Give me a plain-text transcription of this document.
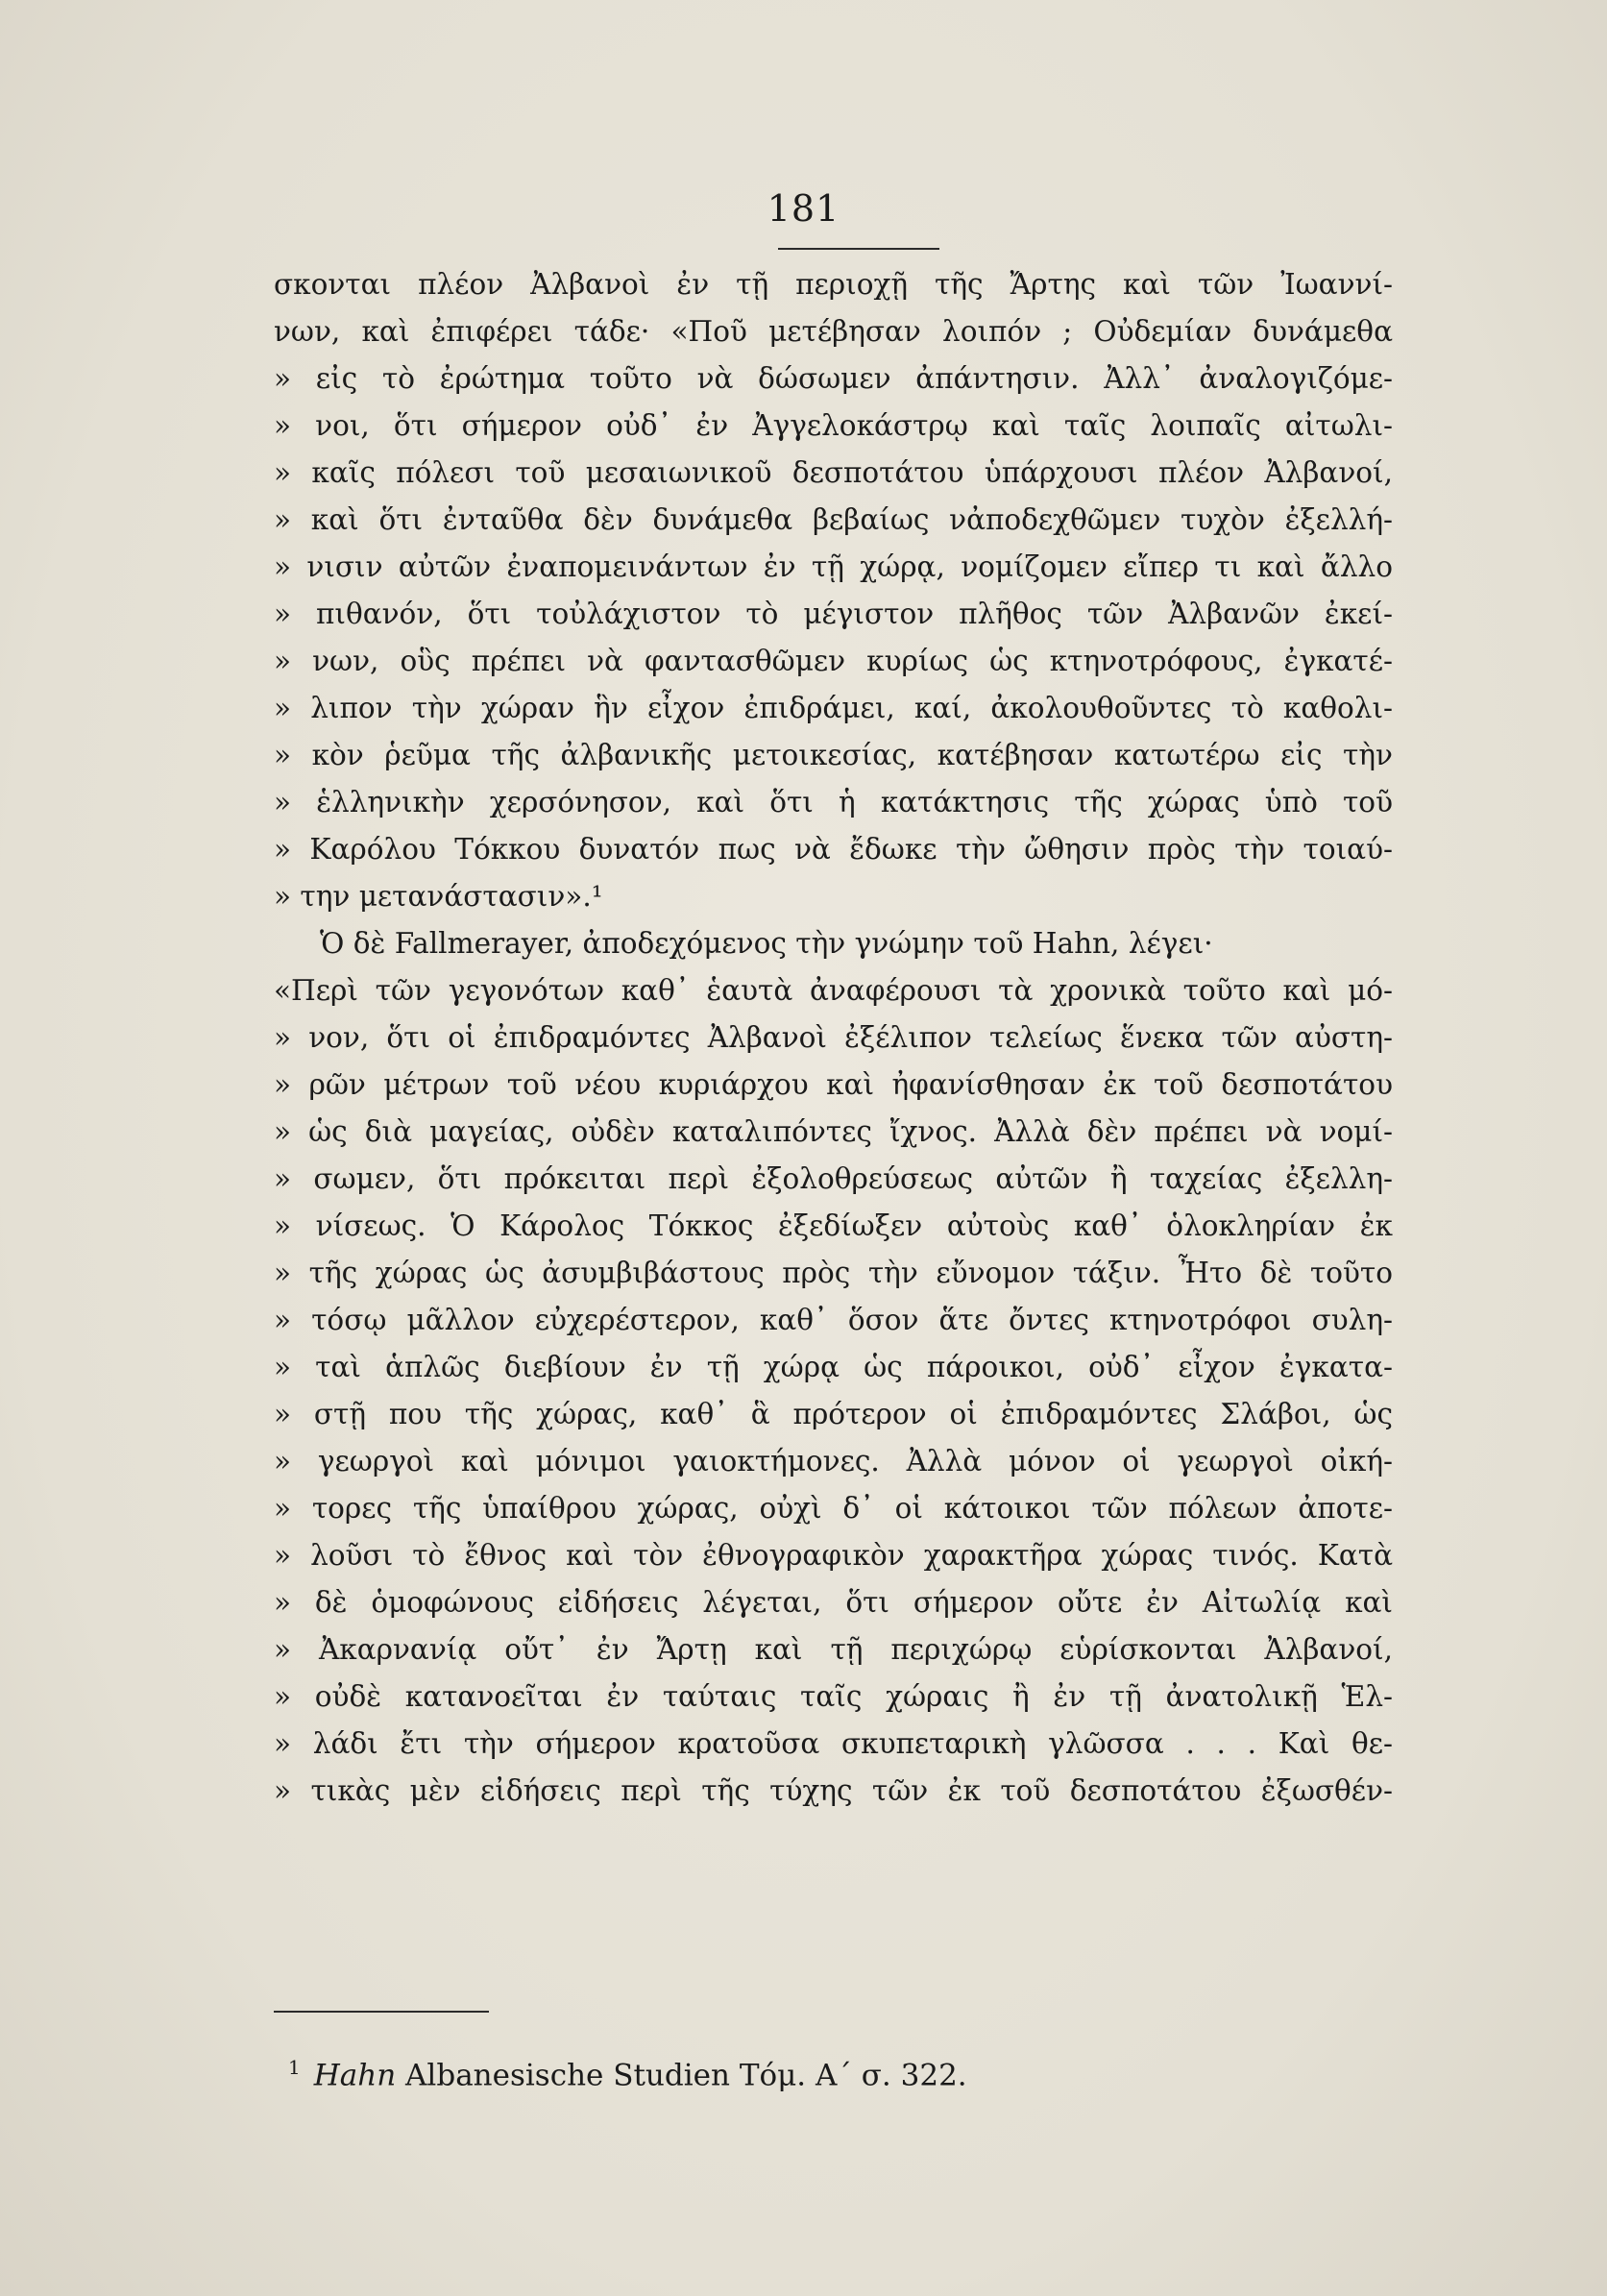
181
σκονται πλέον Ἀλβανοὶ ἐν τῇ περιοχῇ τῆς Ἄρτης καὶ τῶν Ἰωαννί-
νων, καὶ ἐπιφέρει τάδε· «Ποῦ μετέβησαν λοιπόν ; Οὐδεμίαν δυνάμεθα
» εἰς τὸ ἐρώτημα τοῦτο νὰ δώσωμεν ἀπάντησιν. Ἀλλ᾽ ἀναλογιζόμε-
» νοι, ὅτι σήμερον οὐδ᾽ ἐν Ἀγγελοκάστρῳ καὶ ταῖς λοιπαῖς αἰτωλι-
» καῖς πόλεσι τοῦ μεσαιωνικοῦ δεσποτάτου ὑπάρχουσι πλέον Ἀλβανοί,
» καὶ ὅτι ἐνταῦθα δὲν δυνάμεθα βεβαίως νἀποδεχθῶμεν τυχὸν ἐξελλή-
» νισιν αὐτῶν ἐναπομεινάντων ἐν τῇ χώρᾳ, νομίζομεν εἴπερ τι καὶ ἄλλο
» πιθανόν, ὅτι τοὐλάχιστον τὸ μέγιστον πλῆθος τῶν Ἀλβανῶν ἐκεί-
» νων, οὓς πρέπει νὰ φαντασθῶμεν κυρίως ὡς κτηνοτρόφους, ἐγκατέ-
» λιπον τὴν χώραν ἣν εἶχον ἐπιδράμει, καί, ἀκολουθοῦντες τὸ καθολι-
» κὸν ῥεῦμα τῆς ἀλβανικῆς μετοικεσίας, κατέβησαν κατωτέρω εἰς τὴν
» ἑλληνικὴν χερσόνησον, καὶ ὅτι ἡ κατάκτησις τῆς χώρας ὑπὸ τοῦ
» Καρόλου Τόκκου δυνατόν πως νὰ ἔδωκε τὴν ὤθησιν πρὸς τὴν τοιαύ-
» την μετανάστασιν».¹
Ὁ δὲ Fallmerayer, ἀποδεχόμενος τὴν γνώμην τοῦ Hahn, λέγει·
«Περὶ τῶν γεγονότων καθ᾽ ἑαυτὰ ἀναφέρουσι τὰ χρονικὰ τοῦτο καὶ μό-
» νον, ὅτι οἱ ἐπιδραμόντες Ἀλβανοὶ ἐξέλιπον τελείως ἕνεκα τῶν αὐστη-
» ρῶν μέτρων τοῦ νέου κυριάρχου καὶ ἠφανίσθησαν ἐκ τοῦ δεσποτάτου
» ὡς διὰ μαγείας, οὐδὲν καταλιπόντες ἴχνος. Ἀλλὰ δὲν πρέπει νὰ νομί-
» σωμεν, ὅτι πρόκειται περὶ ἐξολοθρεύσεως αὐτῶν ἢ ταχείας ἐξελλη-
» νίσεως. Ὁ Κάρολος Τόκκος ἐξεδίωξεν αὐτοὺς καθ᾽ ὁλοκληρίαν ἐκ
» τῆς χώρας ὡς ἀσυμβιβάστους πρὸς τὴν εὔνομον τάξιν. Ἦτο δὲ τοῦτο
» τόσῳ μᾶλλον εὐχερέστερον, καθ᾽ ὅσον ἅτε ὄντες κτηνοτρόφοι συλη-
» ταὶ ἁπλῶς διεβίουν ἐν τῇ χώρᾳ ὡς πάροικοι, οὐδ᾽ εἶχον ἐγκατα-
» στῇ που τῆς χώρας, καθ᾽ ἃ πρότερον οἱ ἐπιδραμόντες Σλάβοι, ὡς
» γεωργοὶ καὶ μόνιμοι γαιοκτήμονες. Ἀλλὰ μόνον οἱ γεωργοὶ οἰκή-
» τορες τῆς ὑπαίθρου χώρας, οὐχὶ δ᾽ οἱ κάτοικοι τῶν πόλεων ἀποτε-
» λοῦσι τὸ ἔθνος καὶ τὸν ἐθνογραφικὸν χαρακτῆρα χώρας τινός. Κατὰ
» δὲ ὁμοφώνους εἰδήσεις λέγεται, ὅτι σήμερον οὔτε ἐν Αἰτωλίᾳ καὶ
» Ἀκαρνανίᾳ οὔτ᾽ ἐν Ἄρτῃ καὶ τῇ περιχώρῳ εὑρίσκονται Ἀλβανοί,
» οὐδὲ κατανοεῖται ἐν ταύταις ταῖς χώραις ἢ ἐν τῇ ἀνατολικῇ Ἑλ-
» λάδι ἔτι τὴν σήμερον κρατοῦσα σκυπεταρικὴ γλῶσσα . . . Καὶ θε-
» τικὰς μὲν εἰδήσεις περὶ τῆς τύχης τῶν ἐκ τοῦ δεσποτάτου ἐξωσθέν-
$^1$ Hahn Albanesische Studien Τόμ. Α΄ σ. 322.
